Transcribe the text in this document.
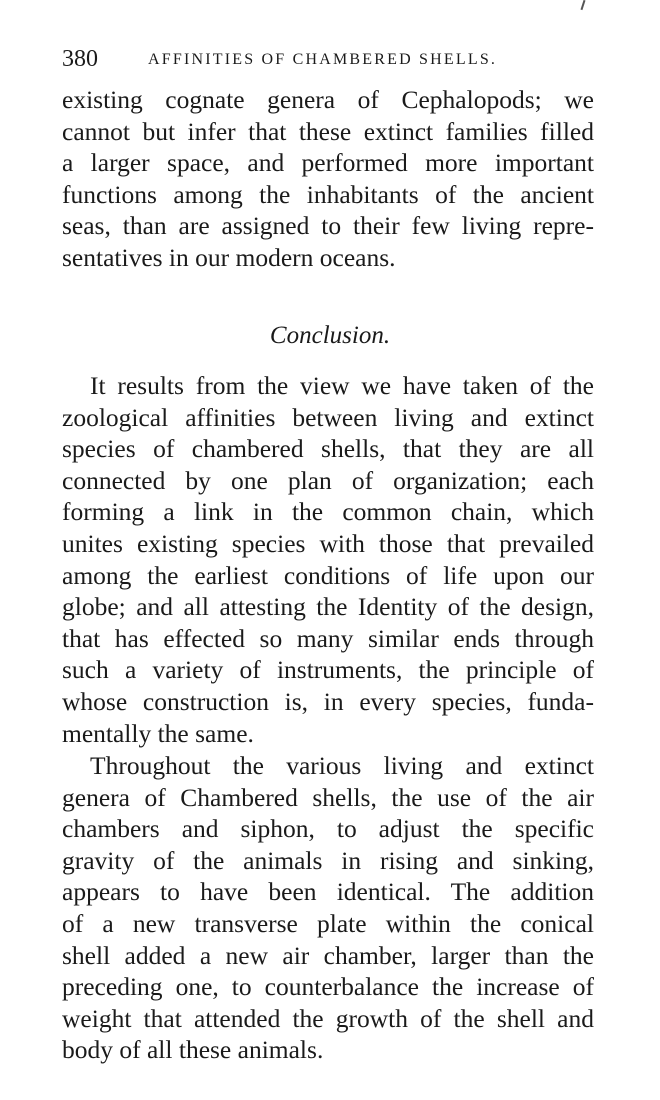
380	AFFINITIES OF CHAMBERED SHELLS.
existing cognate genera of Cephalopods; we
cannot but infer that these extinct families filled
a larger space, and performed more important
functions among the inhabitants of the ancient
seas, than are assigned to their few living repre-
sentatives in our modern oceans.
Conclusion.
It results from the view we have taken of the
zoological affinities between living and extinct
species of chambered shells, that they are all
connected by one plan of organization; each
forming a link in the common chain, which
unites existing species with those that prevailed
among the earliest conditions of life upon our
globe; and all attesting the Identity of the design,
that has effected so many similar ends through
such a variety of instruments, the principle of
whose construction is, in every species, funda-
mentally the same.
Throughout the various living and extinct
genera of Chambered shells, the use of the air
chambers and siphon, to adjust the specific
gravity of the animals in rising and sinking,
appears to have been identical. The addition
of a new transverse plate within the conical
shell added a new air chamber, larger than the
preceding one, to counterbalance the increase of
weight that attended the growth of the shell and
body of all these animals.
